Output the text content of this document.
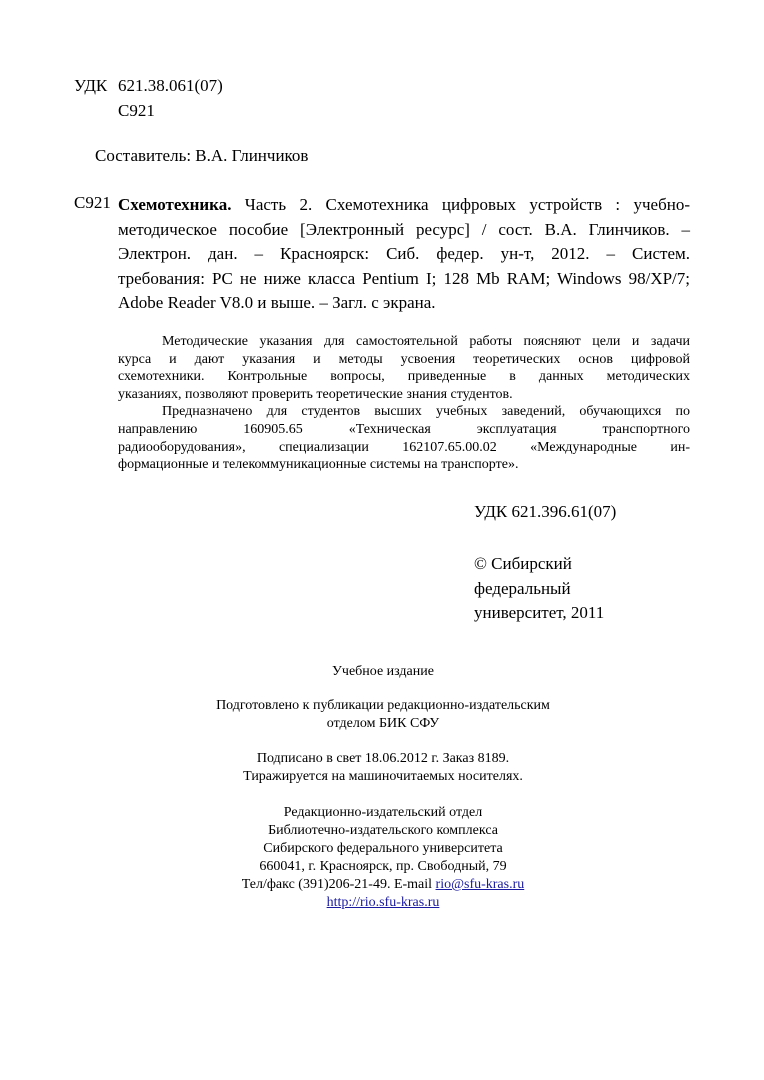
УДК 621.38.061(07)
С921
Составитель: В.А. Глинчиков
С921 Схемотехника. Часть 2. Схемотехника цифровых устройств : учебно-

методическое пособие [Электронный ресурс] / сост. В.А. Глинчиков. –

Электрон. дан. – Красноярск: Сиб. федер. ун-т, 2012. – Систем.

требования: PC не ниже класса Pentium I; 128 Mb RAM; Windows 98/XP/7;

Adobe Reader V8.0 и выше. – Загл. с экрана.

Методические указания для самостоятельной работы поясняют цели и задачи
курса и дают указания и методы усвоения теоретических основ цифровой
схемотехники. Контрольные вопросы, приведенные в данных методических
указаниях, позволяют проверить теоретические знания студентов.
Предназначено для студентов высших учебных заведений, обучающихся по
направлению 160905.65 «Техническая эксплуатация транспортного
радиооборудования», специализации 162107.65.00.02 «Международные ин-
формационные и телекоммуникационные системы на транспорте».
УДК 621.396.61(07)
© Сибирский
федеральный
университет, 2011
Учебное издание
Подготовлено к публикации редакционно-издательским
отделом БИК СФУ
Подписано в свет 18.06.2012 г. Заказ 8189.
Тиражируется на машиночитаемых носителях.
Редакционно-издательский отдел
Библиотечно-издательского комплекса
Сибирского федерального университета
660041, г. Красноярск, пр. Свободный, 79
Тел/факс (391)206-21-49. E-mail rio@sfu-kras.ru
http://rio.sfu-kras.ru
